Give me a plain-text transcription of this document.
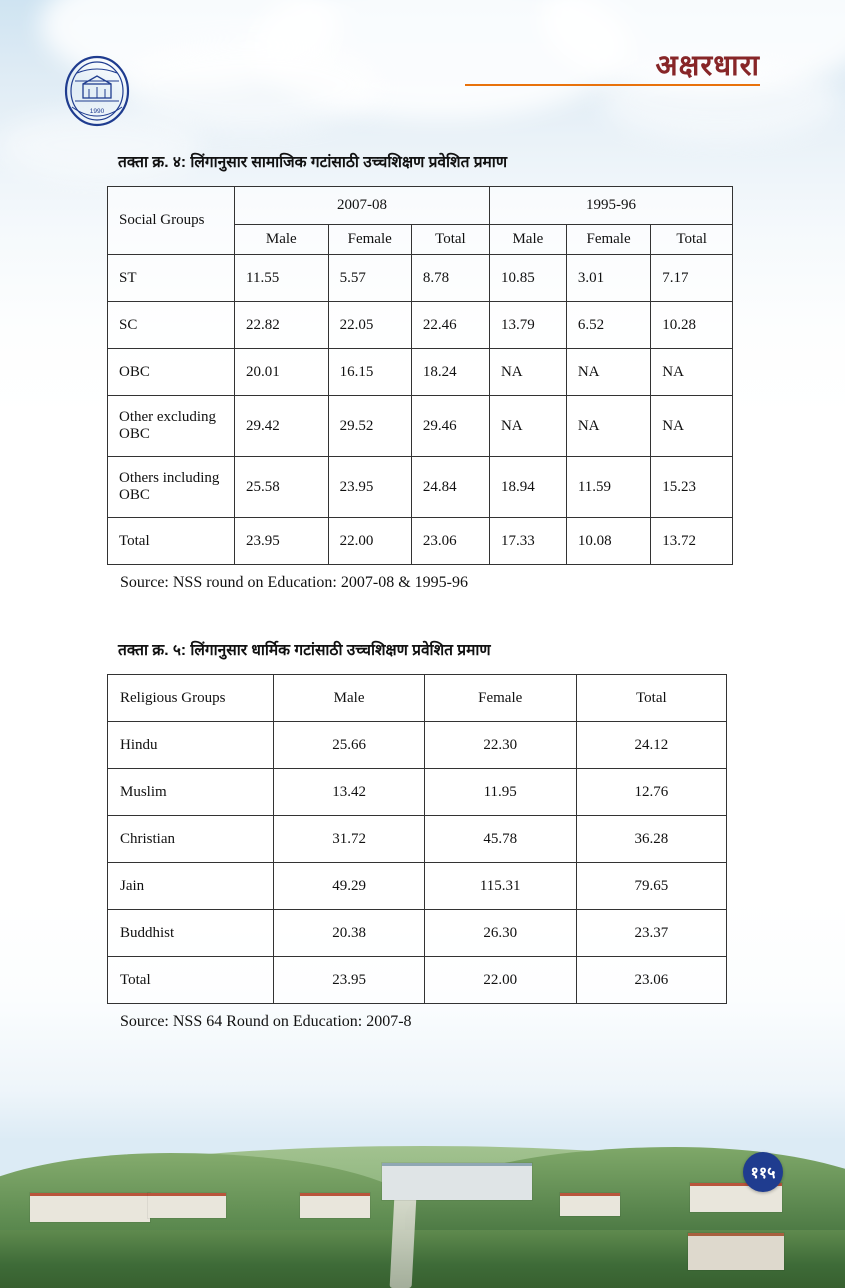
1990
अक्षरधारा
तक्ता क्र. ४: लिंगानुसार सामाजिक गटांसाठी उच्चशिक्षण प्रवेशित प्रमाण
Social Groups	2007-08			1995-96		
	Male	Female	Total	Male	Female	Total
ST	11.55	5.57	8.78	10.85	3.01	7.17
SC	22.82	22.05	22.46	13.79	6.52	10.28
OBC	20.01	16.15	18.24	NA	NA	NA
Other excluding OBC	29.42	29.52	29.46	NA	NA	NA
Others including OBC	25.58	23.95	24.84	18.94	11.59	15.23
Total	23.95	22.00	23.06	17.33	10.08	13.72
Source: NSS round on Education: 2007-08 & 1995-96
तक्ता क्र. ५: लिंगानुसार धार्मिक गटांसाठी उच्चशिक्षण प्रवेशित प्रमाण
Religious Groups	Male	Female	Total
Hindu	25.66	22.30	24.12
Muslim	13.42	11.95	12.76
Christian	31.72	45.78	36.28
Jain	49.29	115.31	79.65
Buddhist	20.38	26.30	23.37
Total	23.95	22.00	23.06
Source: NSS 64 Round on Education: 2007-8
११५
